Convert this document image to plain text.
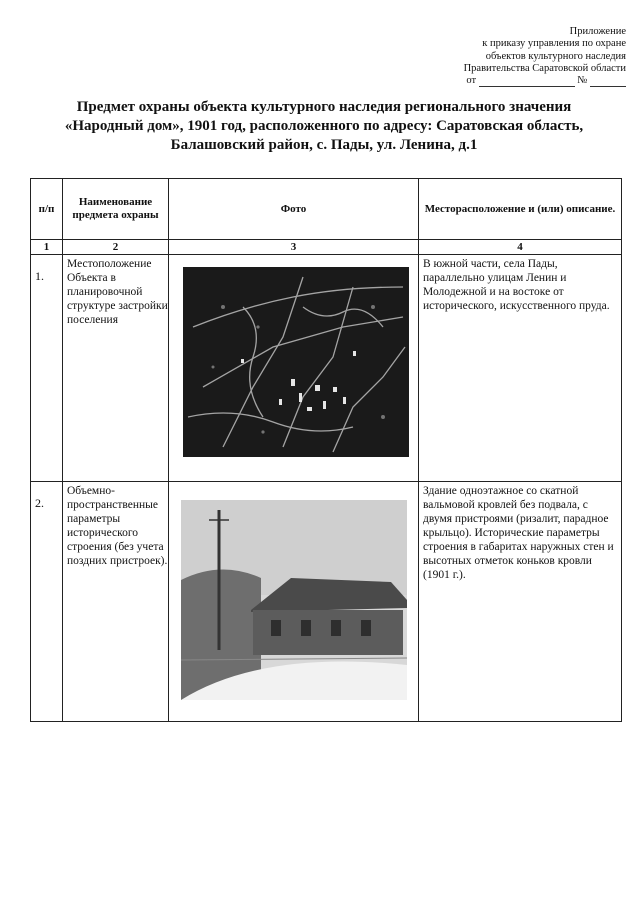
Приложение
к приказу управления по охране
объектов культурного наследия
Правительства Саратовской области
от	№
Предмет охраны объекта культурного наследия регионального значения
«Народный дом», 1901 год, расположенного по адресу: Саратовская область,
Балашовский район, с. Пады, ул. Ленина, д.1
п/п	Наименование предмета охраны	Фото	Месторасположение и (или) описание.
1	2	3	4
1.	Местоположение Объекта в планировочной структуре застройки поселения		В южной части, села Пады, параллельно улицам Ленин и Молодежной и на востоке от исторического, искусственного пруда.
2.	Объемно-пространственные параметры исторического строения (без учета поздних пристроек).		Здание одноэтажное со скатной вальмовой кровлей без подвала, с двумя пристроями (ризалит, парадное крыльцо). Исторические параметры строения в габаритах наружных стен и высотных отметок коньков кровли (1901 г.).
